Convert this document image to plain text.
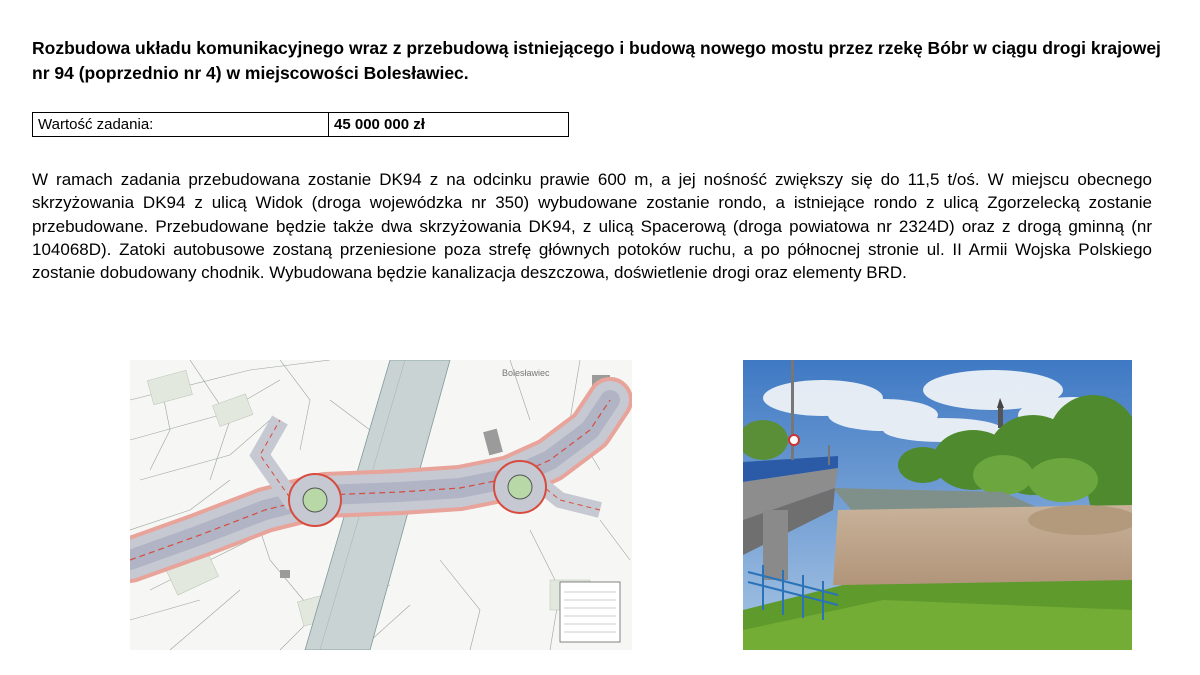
Rozbudowa układu komunikacyjnego wraz z przebudową istniejącego i budową nowego mostu przez rzekę Bóbr w ciągu drogi krajowej nr 94 (poprzednio nr 4) w miejscowości Bolesławiec.
Wartość zadania:	45 000 000 zł

W ramach zadania przebudowana zostanie DK94 z na odcinku prawie 600 m, a jej nośność zwiększy się do 11,5 t/oś. W miejscu obecnego skrzyżowania DK94 z ulicą Widok (droga wojewódzka nr 350) wybudowane zostanie rondo, a istniejące rondo z ulicą Zgorzelecką zostanie przebudowane. Przebudowane będzie także dwa skrzyżowania DK94, z ulicą Spacerową (droga powiatowa nr 2324D) oraz z drogą gminną (nr 104068D). Zatoki autobusowe zostaną przeniesione poza strefę głównych potoków ruchu, a po północnej stronie ul. II Armii Wojska Polskiego zostanie dobudowany chodnik. Wybudowana będzie kanalizacja deszczowa, doświetlenie drogi oraz elementy BRD.

Bolesławiec
